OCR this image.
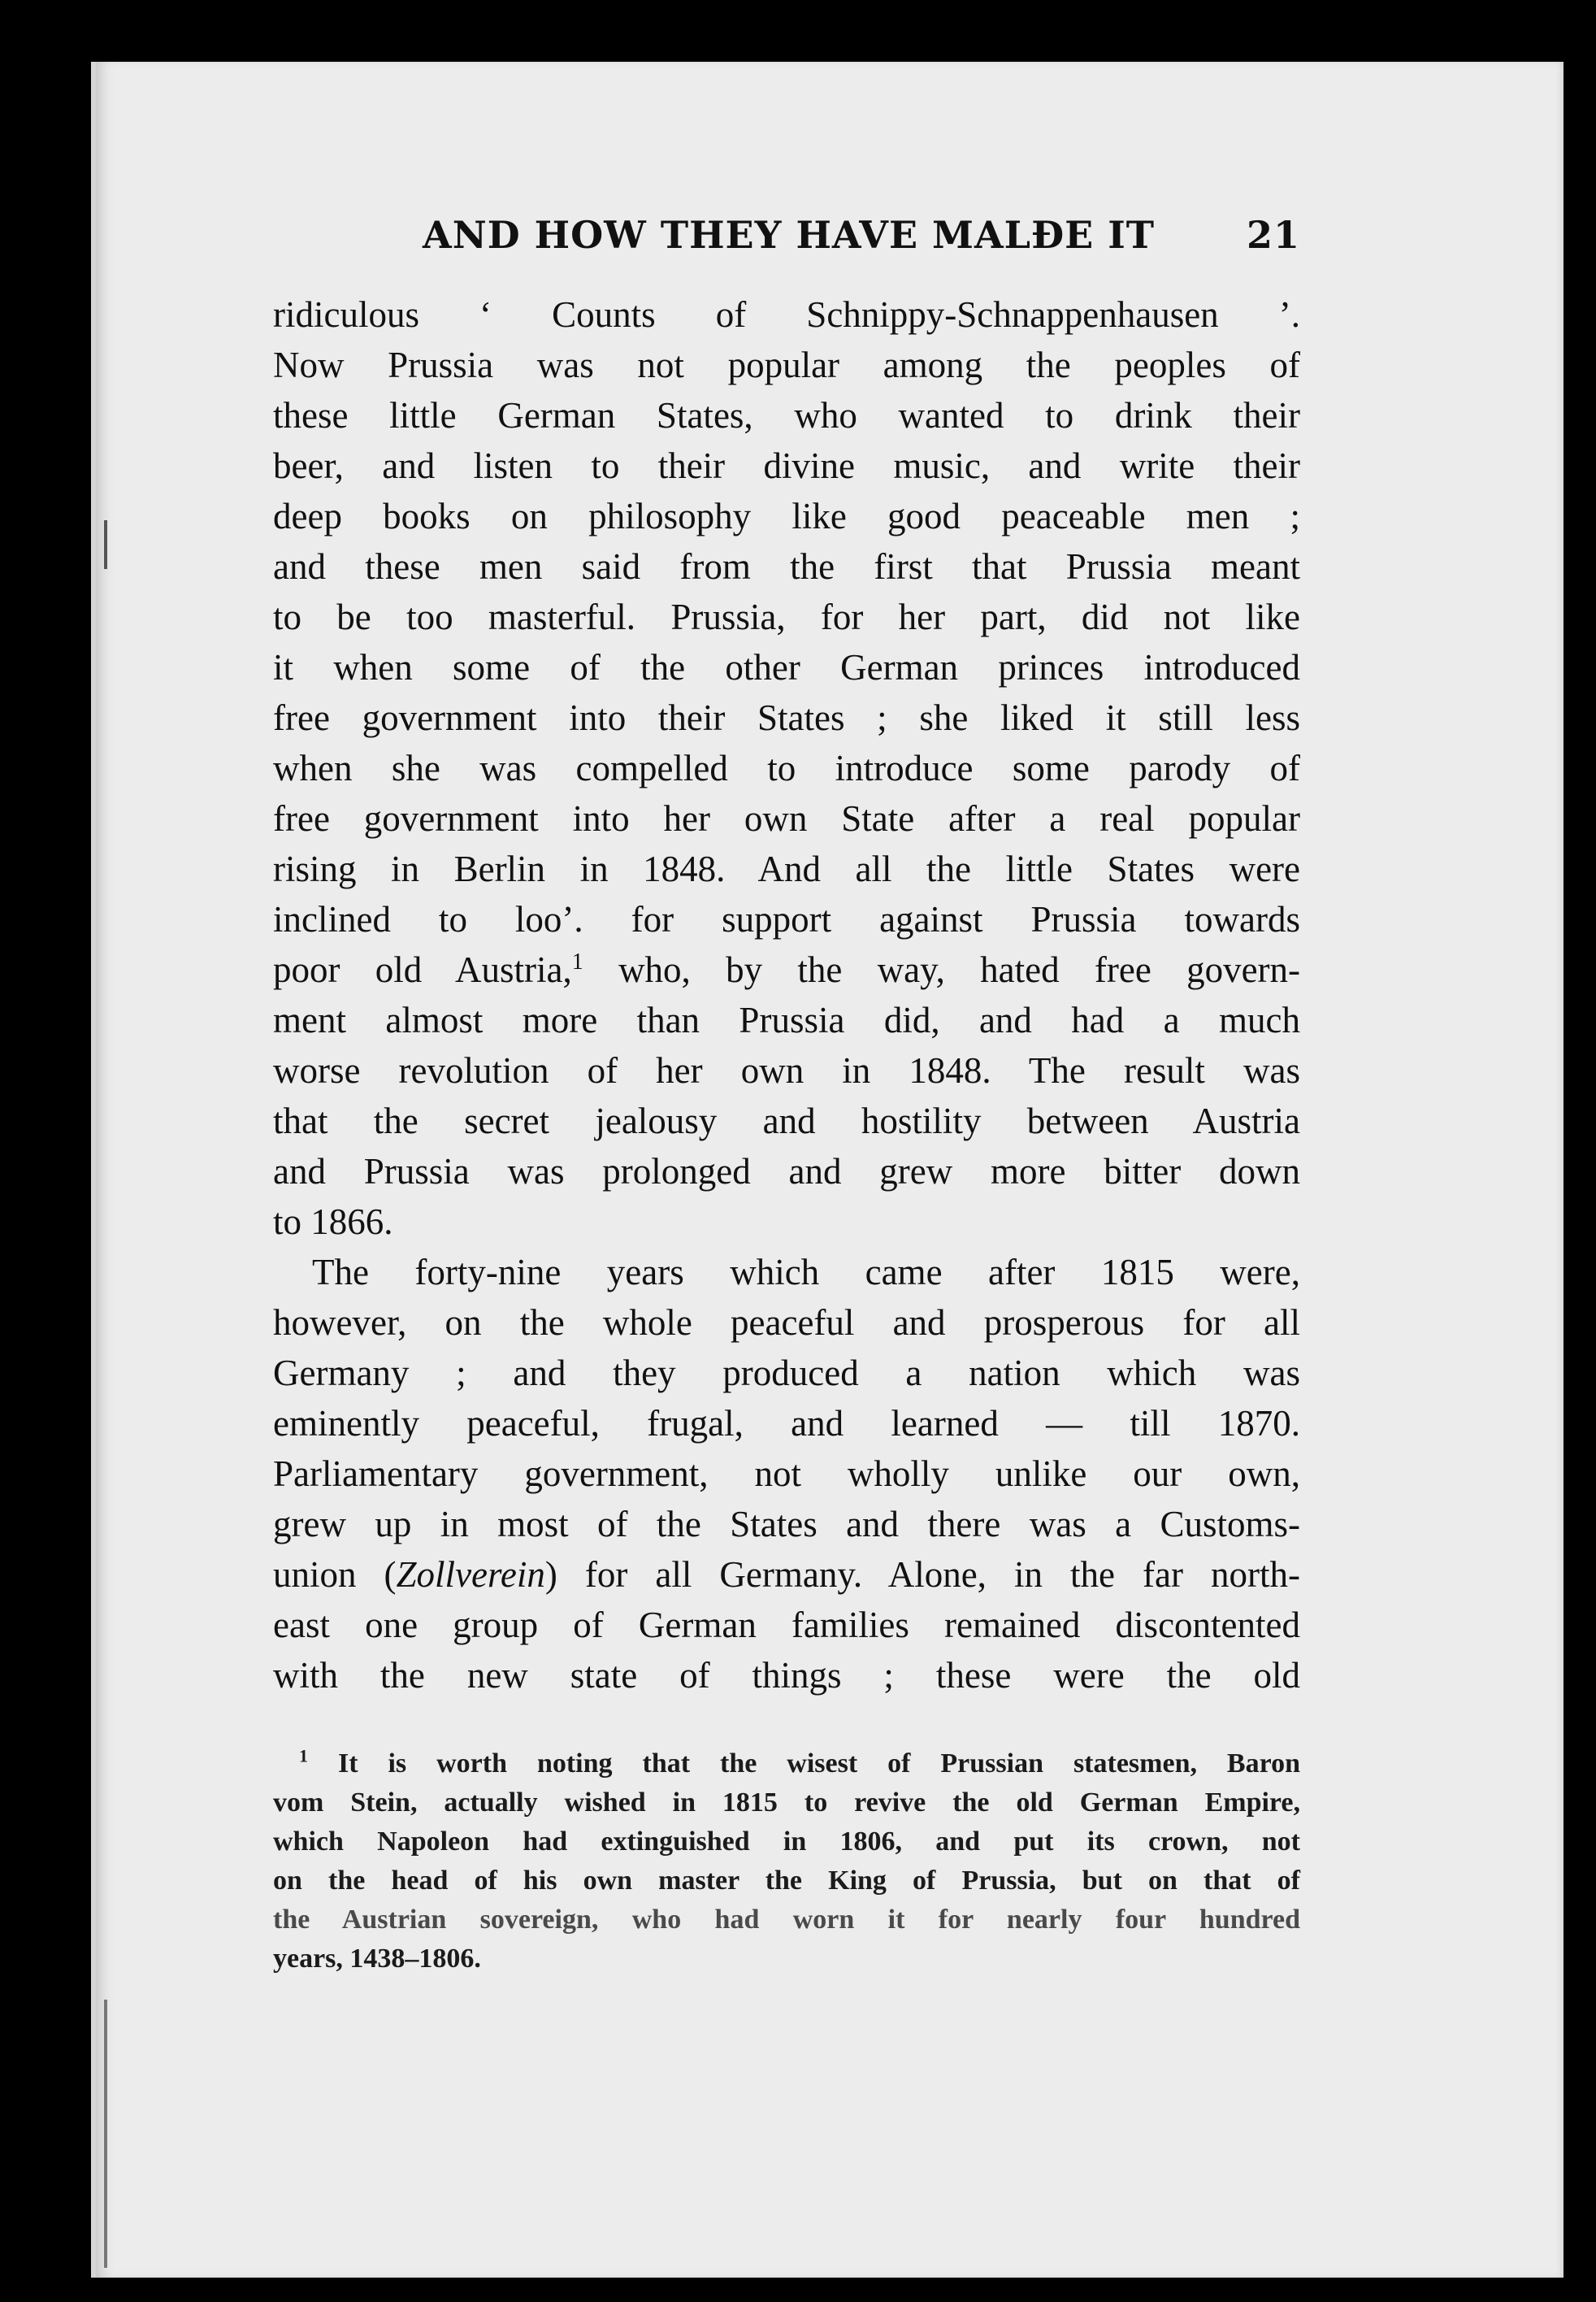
AND HOW THEY HAVE MALÐE IT 21
ridiculous ‘ Counts of Schnippy-Schnappenhausen ’.
Now Prussia was not popular among the peoples of
these little German States, who wanted to drink their
beer, and listen to their divine music, and write their
deep books on philosophy like good peaceable men ;
and these men said from the first that Prussia meant
to be too masterful. Prussia, for her part, did not like
it when some of the other German princes introduced
free government into their States ; she liked it still less
when she was compelled to introduce some parody of
free government into her own State after a real popular
rising in Berlin in 1848. And all the little States were
inclined to looʼ. for support against Prussia towards
poor old Austria,$^1$ who, by the way, hated free govern-
ment almost more than Prussia did, and had a much
worse revolution of her own in 1848. The result was
that the secret jealousy and hostility between Austria
and Prussia was prolonged and grew more bitter down
to 1866.
The forty-nine years which came after 1815 were,
however, on the whole peaceful and prosperous for all
Germany ; and they produced a nation which was
eminently peaceful, frugal, and learned — till 1870.
Parliamentary government, not wholly unlike our own,
grew up in most of the States and there was a Customs-
union (Zollverein) for all Germany. Alone, in the far north-
east one group of German families remained discontented
with the new state of things ; these were the old
$^1$ It is worth noting that the wisest of Prussian statesmen, Baron
vom Stein, actually wished in 1815 to revive the old German Empire,
which Napoleon had extinguished in 1806, and put its crown, not
on the head of his own master the King of Prussia, but on that of
the Austrian sovereign, who had worn it for nearly four hundred
years, 1438–1806.
